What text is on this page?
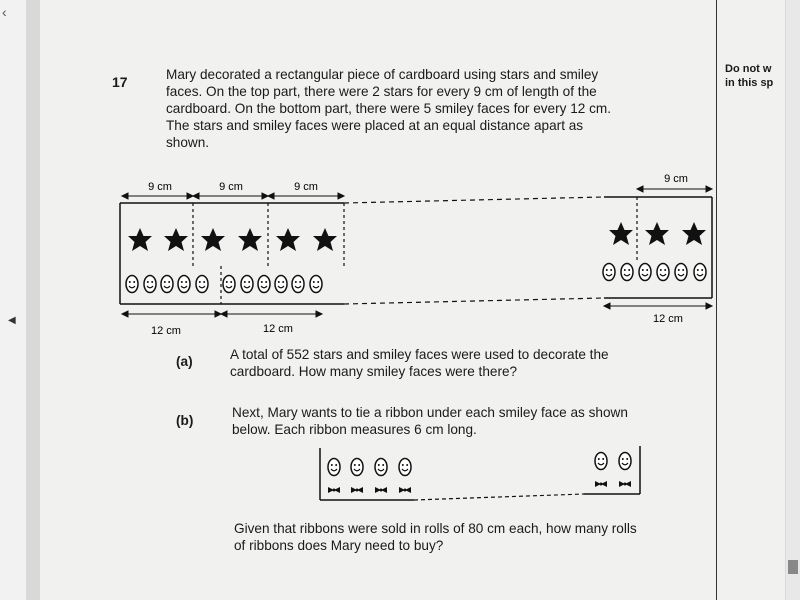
‹
◀
Do not w
in this sp
17	Mary decorated a rectangular piece of cardboard using stars and smiley

faces. On the top part, there were 2 stars for every 9 cm of length of the

cardboard. On the bottom part, there were 5 smiley faces for every 12 cm.

The stars and smiley faces were placed at an equal distance apart as

shown.

9 cm	9 cm	9 cm
9 cm
12 cm	12 cm
12 cm
(a)	A total of 552 stars and smiley faces were used to decorate the
cardboard. How many smiley faces were there?
(b)
Next, Mary wants to tie a ribbon under each smiley face as shown
below. Each ribbon measures 6 cm long.
Given that ribbons were sold in rolls of 80 cm each, how many rolls
of ribbons does Mary need to buy?
